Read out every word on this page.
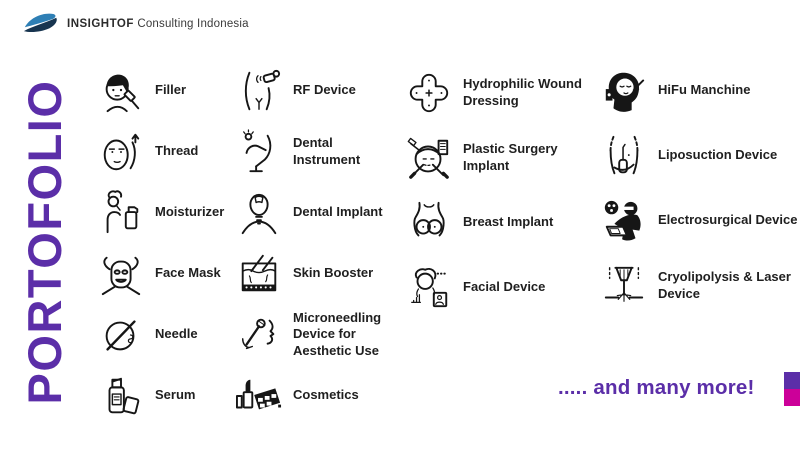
INSIGHTOF Consulting Indonesia
PORTOFOLIO	Filler
Thread
Moisturizer
Face Mask
Needle
Serum
RF Device
Dental Instrument
Dental Implant
Skin Booster
Microneedling Device for Aesthetic Use
Cosmetics
Hydrophilic Wound Dressing
Plastic Surgery Implant
Breast Implant
Facial Device
HiFu Manchine
Liposuction Device
Electrosurgical Device
Cryolipolysis & Laser Device
..... and many more!
